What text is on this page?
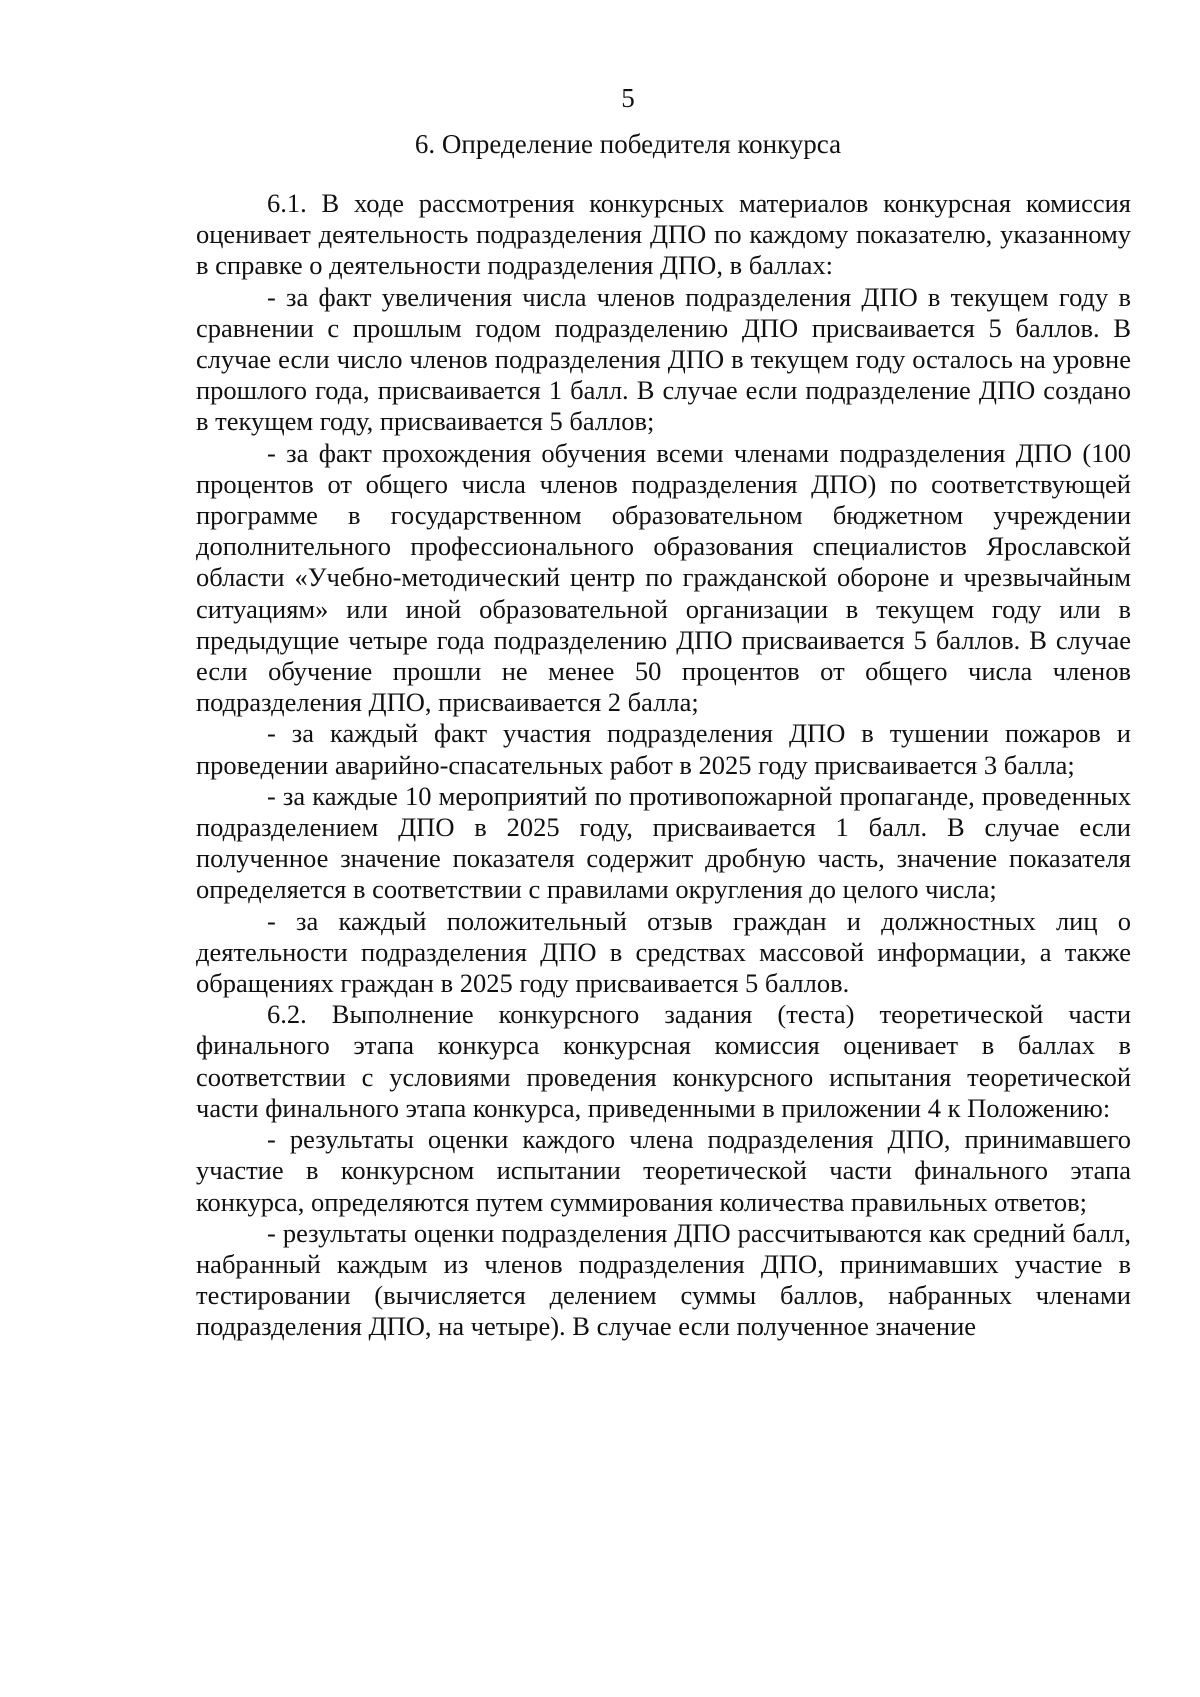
5
6. Определение победителя конкурса

6.1. В ходе рассмотрения конкурсных материалов конкурсная комиссия оценивает деятельность подразделения ДПО по каждому показателю, указанному в справке о деятельности подразделения ДПО, в баллах:

- за факт увеличения числа членов подразделения ДПО в текущем году в сравнении с прошлым годом подразделению ДПО присваивается 5 баллов. В случае если число членов подразделения ДПО в текущем году осталось на уровне прошлого года, присваивается 1 балл. В случае если подразделение ДПО создано в текущем году, присваивается 5 баллов;

- за факт прохождения обучения всеми членами подразделения ДПО (100 процентов от общего числа членов подразделения ДПО) по соответствующей программе в государственном образовательном бюджетном учреждении дополнительного профессионального образования специалистов Ярославской области «Учебно-методический центр по гражданской обороне и чрезвычайным ситуациям» или иной образовательной организации в текущем году или в предыдущие четыре года подразделению ДПО присваивается 5 баллов. В случае если обучение прошли не менее 50 процентов от общего числа членов подразделения ДПО, присваивается 2 балла;

- за каждый факт участия подразделения ДПО в тушении пожаров и проведении аварийно-спасательных работ в 2025 году присваивается 3 балла;

- за каждые 10 мероприятий по противопожарной пропаганде, проведенных подразделением ДПО в 2025 году, присваивается 1 балл. В случае если полученное значение показателя содержит дробную часть, значение показателя определяется в соответствии с правилами округления до целого числа;

- за каждый положительный отзыв граждан и должностных лиц о деятельности подразделения ДПО в средствах массовой информации, а также обращениях граждан в 2025 году присваивается 5 баллов.

6.2. Выполнение конкурсного задания (теста) теоретической части финального этапа конкурса конкурсная комиссия оценивает в баллах в соответствии с условиями проведения конкурсного испытания теоретической части финального этапа конкурса, приведенными в приложении 4 к Положению:

- результаты оценки каждого члена подразделения ДПО, принимавшего участие в конкурсном испытании теоретической части финального этапа конкурса, определяются путем суммирования количества правильных ответов;

- результаты оценки подразделения ДПО рассчитываются как средний балл, набранный каждым из членов подразделения ДПО, принимавших участие в тестировании (вычисляется делением суммы баллов, набранных членами подразделения ДПО, на четыре). В случае если полученное значение
